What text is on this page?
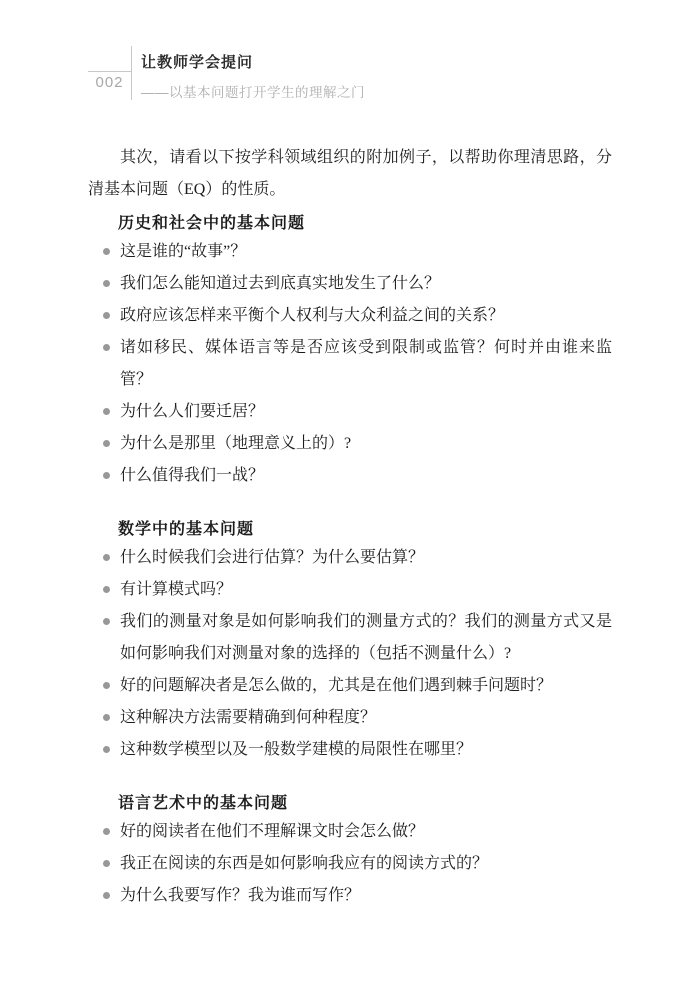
002
让教师学会提问
——以基本问题打开学生的理解之门

其次，请看以下按学科领域组织的附加例子，以帮助你理清思路，分清基本问题（EQ）的性质。

历史和社会中的基本问题
这是谁的“故事”？
我们怎么能知道过去到底真实地发生了什么？
政府应该怎样来平衡个人权利与大众利益之间的关系？
诸如移民、媒体语言等是否应该受到限制或监管？何时并由谁来监管？
为什么人们要迁居？
为什么是那里（地理意义上的）?
什么值得我们一战？
数学中的基本问题
什么时候我们会进行估算？为什么要估算？
有计算模式吗？
我们的测量对象是如何影响我们的测量方式的？我们的测量方式又是如何影响我们对测量对象的选择的（包括不测量什么）?
好的问题解决者是怎么做的，尤其是在他们遇到棘手问题时？
这种解决方法需要精确到何种程度？
这种数学模型以及一般数学建模的局限性在哪里？
语言艺术中的基本问题
好的阅读者在他们不理解课文时会怎么做？
我正在阅读的东西是如何影响我应有的阅读方式的？
为什么我要写作？我为谁而写作？
